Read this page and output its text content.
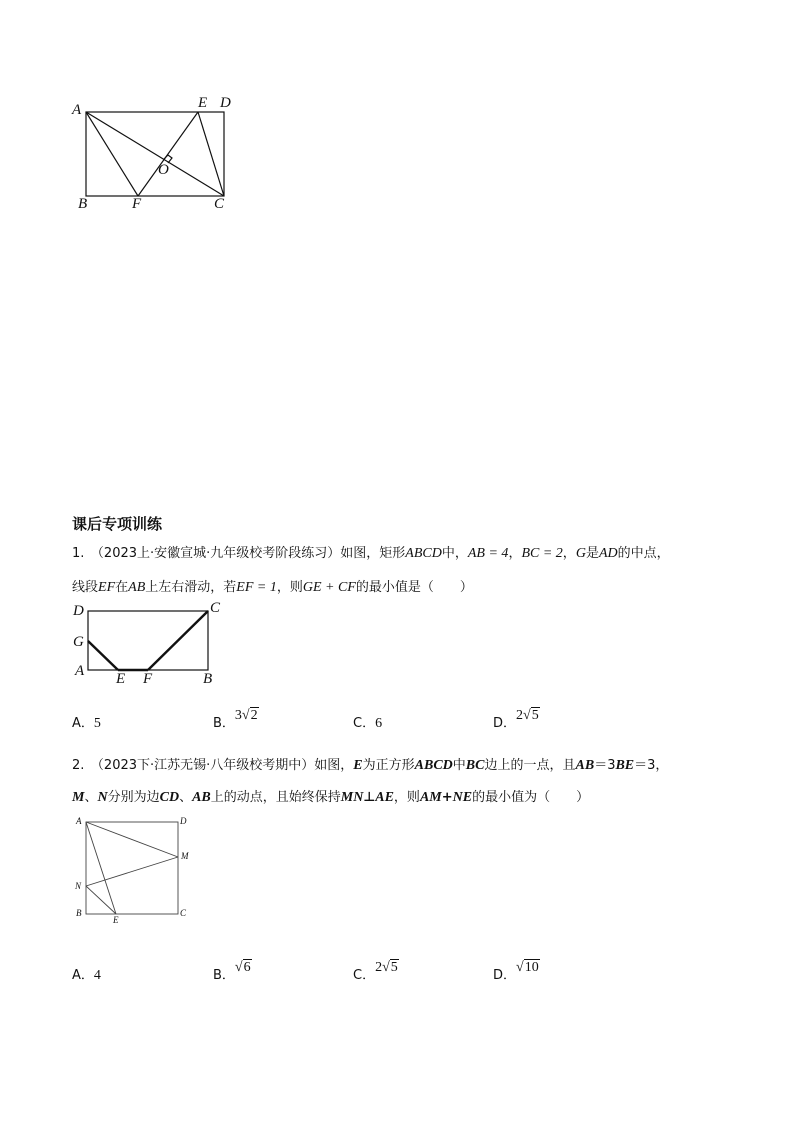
A	E D
O
B	F	C
课后专项训练
1.　 （2023上·安徽宣城·九年级校考阶段练习）如图，矩形ABCD中，AB = 4，BC = 2，G是AD的中点，
线段EF在AB上左右滑动，若EF = 1，则GE + CF的最小值是（　　）
D	C
G
A E F	B
A．5	B．3√2
C．6	D．2√5
2.　 （2023下·江苏无锡·八年级校考期中）如图，E为正方形ABCD中BC边上的一点，且AB＝3BE＝3，
M、N分别为边CD、AB上的动点，且始终保持MN⊥AE，则AM+NE的最小值为（　　）
A	D
M
N
B
E
C
A．4	B．√6
C．2√5
D．√10
